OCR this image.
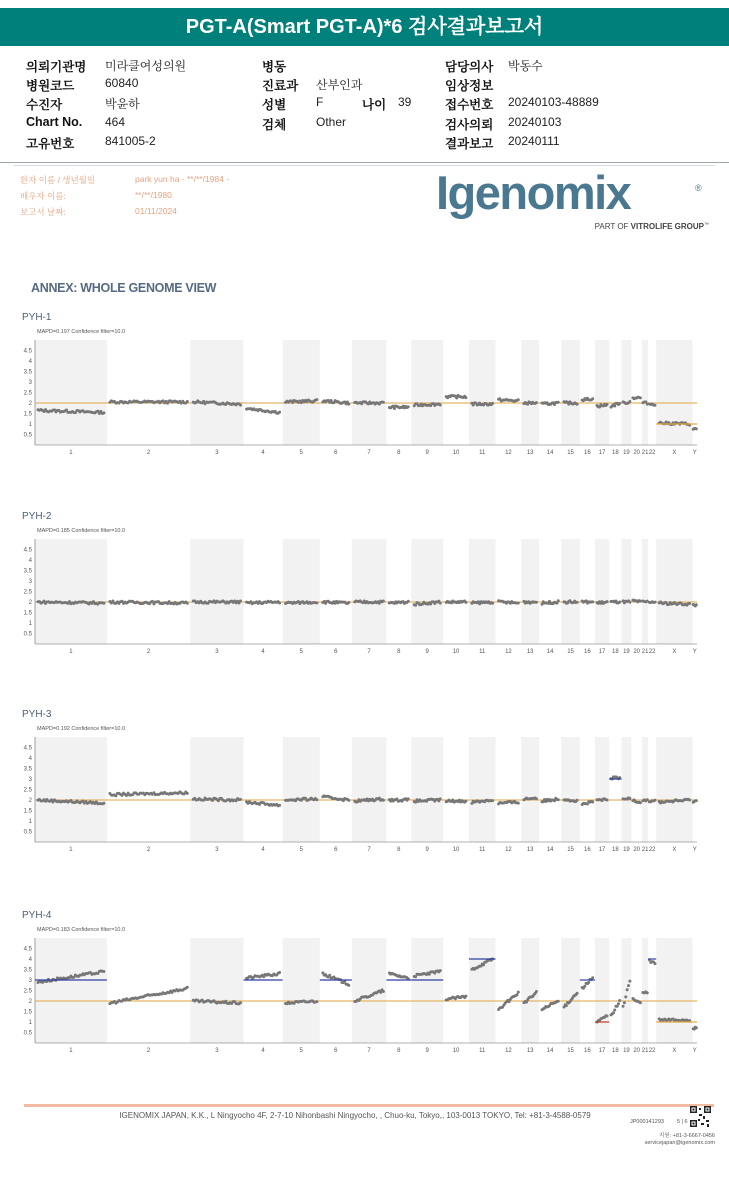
PGT-A(Smart PGT-A)*6 검사결과보고서
의뢰기관명 미라클여성의원
병원코드	60840
수진자	박윤하
Chart No. 464
고유번호	841005-2
병동
진료과 산부인과
성별 F	나이 39
검체 Other
담당의사 박동수
임상정보
접수번호 20240103-48889
검사의뢰 20240103
결과보고 20240111
환자 이름 / 생년월일	park yun ha - **/**/1984 -
배우자 이름:	**/**/1980
보고서 날짜:	01/11/2024	Igenomix	®
PART OF VITROLIFE GROUP™
ANNEX: WHOLE GENOME VIEW
PYH-1
MAPD=0.197 Confidence filter=10.0
4.5
4
3.5
3
2.5
2
1.5
1
0.5
1	2	3	4	5	6	7	8	9	10	11	12	13 14 15 16 17 18 19 20 21 22	X	Y
PYH-2
MAPD=0.185 Confidence filter=10.0
4.5
4
3.5
3
2.5
2
1.5
1
0.5
1	2	3	4	5	6	7	8	9	10	11	12	13 14 15 16 17 18 19 20 21 22	X	Y
PYH-3
MAPD=0.192 Confidence filter=10.0
4.5
4
3.5
3
2.5
2
1.5
1
0.5
1	2	3	4	5	6	7	8	9	10	11	12	13 14 15 16 17 18 19 20 21 22	X	Y
PYH-4
MAPD=0.183 Confidence filter=10.0
4.5
4
3.5
3
2.5
2
1.5
1
0.5
1	2	3	4	5	6	7	8	9	10	11	12	13 14 15 16 17 18 19 20 21 22	X	Y
IGENOMIX JAPAN, K.K., L Ningyocho 4F, 2-7-10 Nihonbashi Ningyocho, , Chuo-ku, Tokyo,, 103-0013 TOKYO, Tel: +81-3-4588-0579
JP000141293 5 | 6
지원: +81-3-6667-0456
servicejapan@igenomix.com
